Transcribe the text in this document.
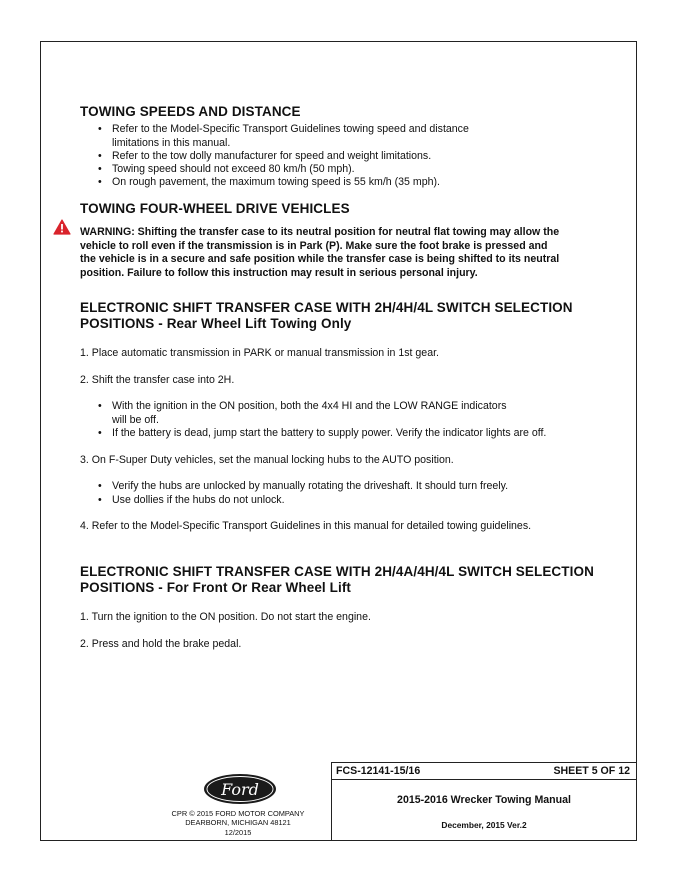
TOWING SPEEDS AND DISTANCE
• Refer to the Model-Specific Transport Guidelines towing speed and distance
limitations in this manual.
• Refer to the tow dolly manufacturer for speed and weight limitations.
• Towing speed should not exceed 80 km/h (50 mph).
• On rough pavement, the maximum towing speed is 55 km/h (35 mph).
TOWING FOUR-WHEEL DRIVE VEHICLES
WARNING: Shifting the transfer case to its neutral position for neutral flat towing may allow the
vehicle to roll even if the transmission is in Park (P). Make sure the foot brake is pressed and
the vehicle is in a secure and safe position while the transfer case is being shifted to its neutral
position. Failure to follow this instruction may result in serious personal injury.
ELECTRONIC SHIFT TRANSFER CASE WITH 2H/4H/4L SWITCH SELECTION
POSITIONS - Rear Wheel Lift Towing Only
1. Place automatic transmission in PARK or manual transmission in 1st gear.
2. Shift the transfer case into 2H.
• With the ignition in the ON position, both the 4x4 HI and the LOW RANGE indicators
will be off.
• If the battery is dead, jump start the battery to supply power. Verify the indicator lights are off.
3. On F-Super Duty vehicles, set the manual locking hubs to the AUTO position.
• Verify the hubs are unlocked by manually rotating the driveshaft. It should turn freely.
• Use dollies if the hubs do not unlock.
4. Refer to the Model-Specific Transport Guidelines in this manual for detailed towing guidelines.
ELECTRONIC SHIFT TRANSFER CASE WITH 2H/4A/4H/4L SWITCH SELECTION
POSITIONS - For Front Or Rear Wheel Lift
1. Turn the ignition to the ON position. Do not start the engine.
2. Press and hold the brake pedal.
Ford
CPR © 2015 FORD MOTOR COMPANY
DEARBORN, MICHIGAN 48121
12/2015
FCS-12141-15/16	SHEET 5 OF 12
2015-2016 Wrecker Towing Manual
December, 2015 Ver.2
